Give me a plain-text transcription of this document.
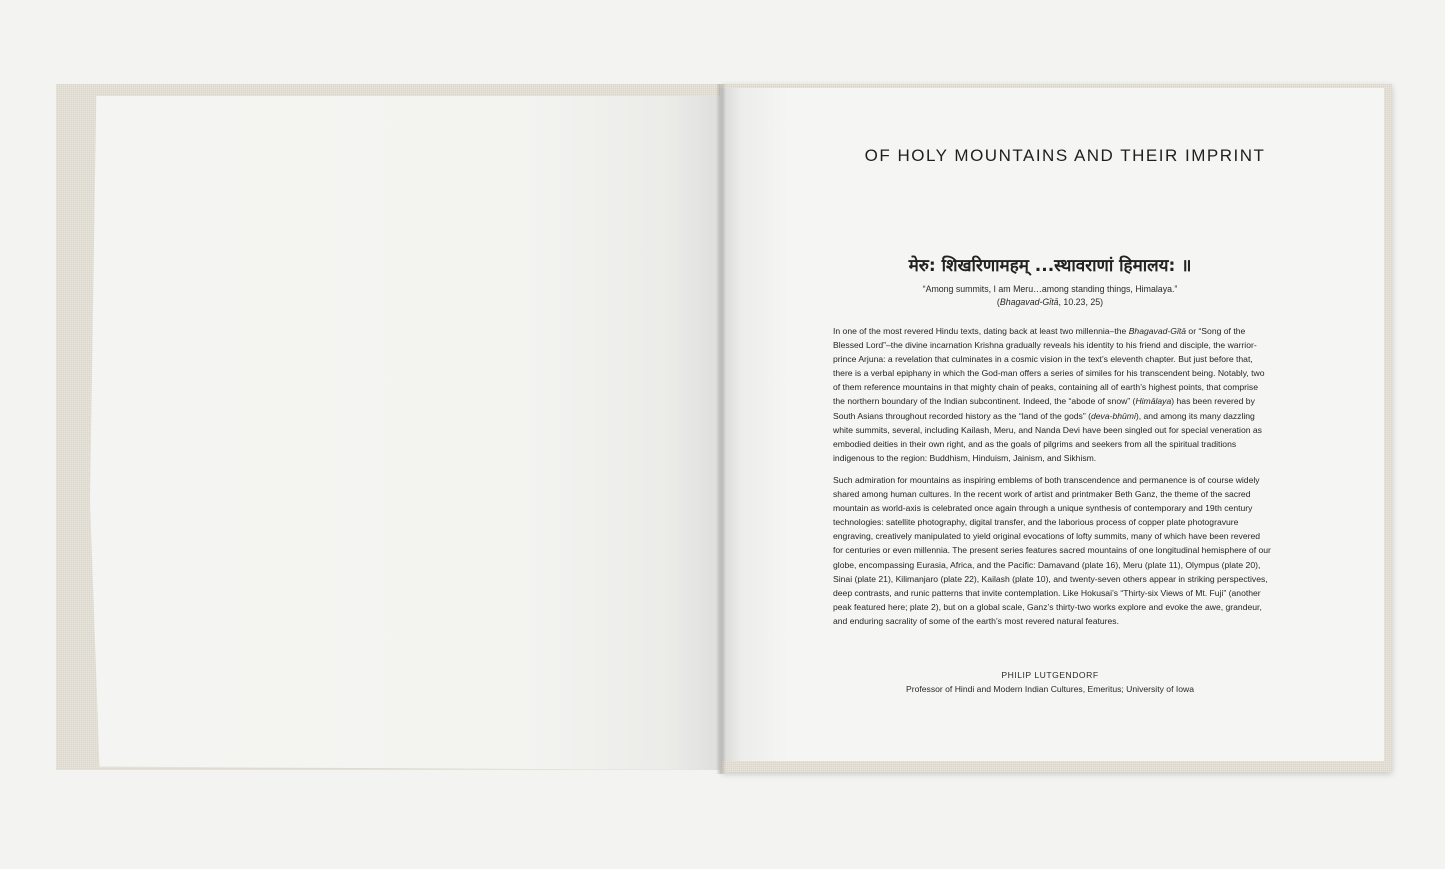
OF HOLY MOUNTAINS AND THEIR IMPRINT
मेरु: शिखरिणामहम् ...स्थावराणां हिमालय: ॥
“Among summits, I am Meru…among standing things, Himalaya.”
(Bhagavad-Gītā, 10.23, 25)

In one of the most revered Hindu texts, dating back at least two millennia–the Bhagavad-Gītā or “Song of the Blessed Lord”–the divine incarnation Krishna gradually reveals his identity to his friend and disciple, the warrior-prince Arjuna: a revelation that culminates in a cosmic vision in the text’s eleventh chapter. But just before that, there is a verbal epiphany in which the God-man offers a series of similes for his transcendent being. Notably, two of them reference mountains in that mighty chain of peaks, containing all of earth’s highest points, that comprise the northern boundary of the Indian subcontinent. Indeed, the “abode of snow” (Himālaya) has been revered by South Asians throughout recorded history as the “land of the gods” (deva-bhūmi), and among its many dazzling white summits, several, including Kailash, Meru, and Nanda Devi have been singled out for special veneration as embodied deities in their own right, and as the goals of pilgrims and seekers from all the spiritual traditions indigenous to the region: Buddhism, Hinduism, Jainism, and Sikhism.

Such admiration for mountains as inspiring emblems of both transcendence and permanence is of course widely shared among human cultures. In the recent work of artist and printmaker Beth Ganz, the theme of the sacred mountain as world-axis is celebrated once again through a unique synthesis of contemporary and 19th century technologies: satellite photography, digital transfer, and the laborious process of copper plate photogravure engraving, creatively manipulated to yield original evocations of lofty summits, many of which have been revered for centuries or even millennia. The present series features sacred mountains of one longitudinal hemisphere of our globe, encompassing Eurasia, Africa, and the Pacific: Damavand (plate 16), Meru (plate 11), Olympus (plate 20), Sinai (plate 21), Kilimanjaro (plate 22), Kailash (plate 10), and twenty-seven others appear in striking perspectives, deep contrasts, and runic patterns that invite contemplation. Like Hokusai’s “Thirty-six Views of Mt. Fuji” (another peak featured here; plate 2), but on a global scale, Ganz’s thirty-two works explore and evoke the awe, grandeur, and enduring sacrality of some of the earth’s most revered natural features.

PHILIP LUTGENDORF
Professor of Hindi and Modern Indian Cultures, Emeritus; University of Iowa
